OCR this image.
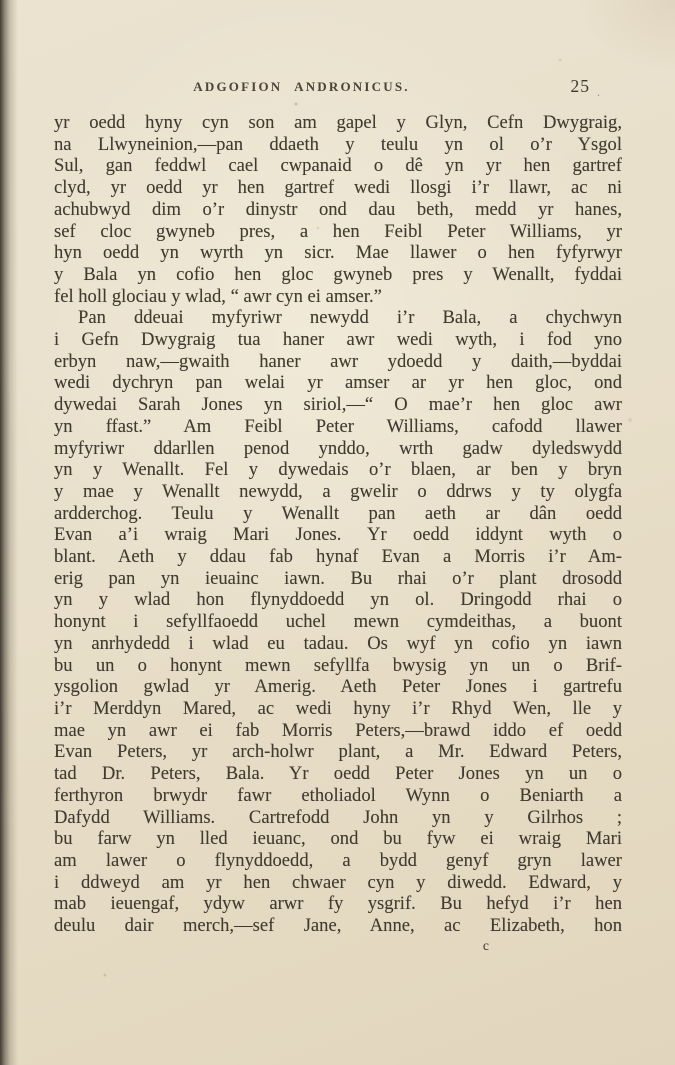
ADGOFION ANDRONICUS.	25 .
yr oedd hyny cyn son am gapel y Glyn, Cefn Dwygraig,
na Llwyneinion,—pan ddaeth y teulu yn ol o’r Ysgol
Sul, gan feddwl cael cwpanaid o dê yn yr hen gartref
clyd, yr oedd yr hen gartref wedi llosgi i’r llawr, ac ni
achubwyd dim o’r dinystr ond dau beth, medd yr hanes,
sef cloc gwyneb pres, a hen Feibl Peter Williams, yr
hyn oedd yn wyrth yn sicr. Mae llawer o hen fyfyrwyr
y Bala yn cofio hen gloc gwyneb pres y Wenallt, fyddai
fel holl glociau y wlad, “ awr cyn ei amser.”
Pan ddeuai myfyriwr newydd i’r Bala, a chychwyn
i Gefn Dwygraig tua haner awr wedi wyth, i fod yno
erbyn naw,—gwaith haner awr ydoedd y daith,—byddai
wedi dychryn pan welai yr amser ar yr hen gloc, ond
dywedai Sarah Jones yn siriol,—“ O mae’r hen gloc awr
yn ffast.” Am Feibl Peter Williams, cafodd llawer
myfyriwr ddarllen penod ynddo, wrth gadw dyledswydd
yn y Wenallt. Fel y dywedais o’r blaen, ar ben y bryn
y mae y Wenallt newydd, a gwelir o ddrws y ty olygfa
ardderchog. Teulu y Wenallt pan aeth ar dân oedd
Evan a’i wraig Mari Jones. Yr oedd iddynt wyth o
blant. Aeth y ddau fab hynaf Evan a Morris i’r Am-
erig pan yn ieuainc iawn. Bu rhai o’r plant drosodd
yn y wlad hon flynyddoedd yn ol. Dringodd rhai o
honynt i sefyllfaoedd uchel mewn cymdeithas, a buont
yn anrhydedd i wlad eu tadau. Os wyf yn cofio yn iawn
bu un o honynt mewn sefyllfa bwysig yn un o Brif-
ysgolion gwlad yr Amerig. Aeth Peter Jones i gartrefu
i’r Merddyn Mared, ac wedi hyny i’r Rhyd Wen, lle y
mae yn awr ei fab Morris Peters,—brawd iddo ef oedd
Evan Peters, yr arch-holwr plant, a Mr. Edward Peters,
tad Dr. Peters, Bala. Yr oedd Peter Jones yn un o
ferthyron brwydr fawr etholiadol Wynn o Beniarth a
Dafydd Williams. Cartrefodd John yn y Gilrhos ;
bu farw yn lled ieuanc, ond bu fyw ei wraig Mari
am lawer o flynyddoedd, a bydd genyf gryn lawer
i ddweyd am yr hen chwaer cyn y diwedd. Edward, y
mab ieuengaf, ydyw arwr fy ysgrif. Bu hefyd i’r hen
deulu dair merch,—sef Jane, Anne, ac Elizabeth, hon
c
